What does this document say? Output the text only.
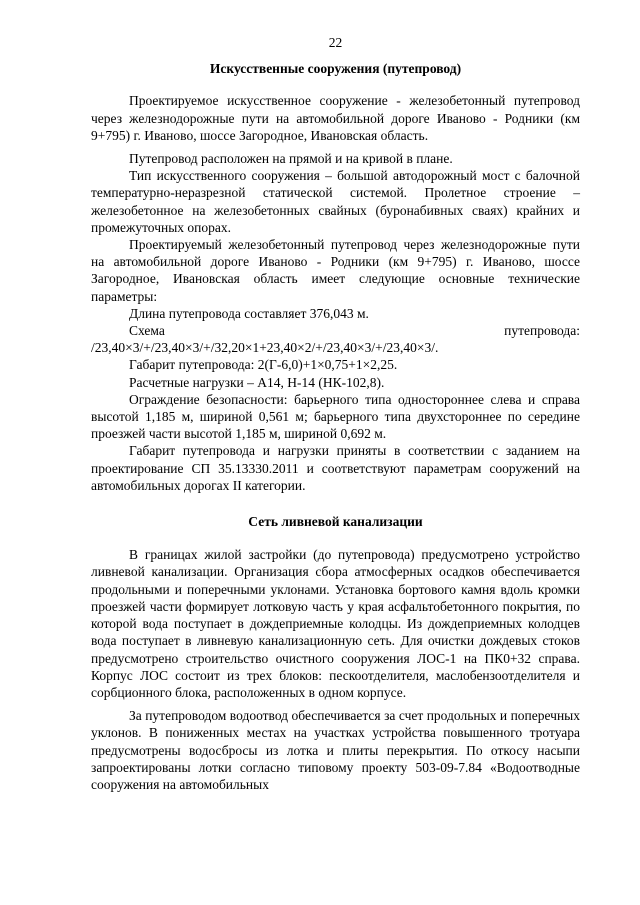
22
Искусственные сооружения (путепровод)

Проектируемое искусственное сооружение - железобетонный путепровод через железнодорожные пути на автомобильной дороге Иваново - Родники (км 9+795) г. Иваново, шоссе Загородное, Ивановская область.

Путепровод расположен на прямой и на кривой в плане.

Тип искусственного сооружения – большой автодорожный мост с балочной температурно-неразрезной статической системой. Пролетное строение – железобетонное на железобетонных свайных (буронабивных сваях) крайних и промежуточных опорах.

Проектируемый железобетонный путепровод через железнодорожные пути на автомобильной дороге Иваново - Родники (км 9+795) г. Иваново, шоссе Загородное, Ивановская область имеет следующие основные технические параметры:

Длина путепровода составляет 376,043 м.

Схема путепровода: /23,40×3/+/23,40×3/+/32,20×1+23,40×2/+/23,40×3/+/23,40×3/.

Габарит путепровода: 2(Г-6,0)+1×0,75+1×2,25.

Расчетные нагрузки – А14, Н-14 (НК-102,8).

Ограждение безопасности: барьерного типа одностороннее слева и справа высотой 1,185 м, шириной 0,561 м; барьерного типа двухстороннее по середине проезжей части высотой 1,185 м, шириной 0,692 м.

Габарит путепровода и нагрузки приняты в соответствии с заданием на проектирование СП 35.13330.2011 и соответствуют параметрам сооружений на автомобильных дорогах II категории.

Сеть ливневой канализации

В границах жилой застройки (до путепровода) предусмотрено устройство ливневой канализации. Организация сбора атмосферных осадков обеспечивается продольными и поперечными уклонами. Установка бортового камня вдоль кромки проезжей части формирует лотковую часть у края асфальтобетонного покрытия, по которой вода поступает в дождеприемные колодцы. Из дождеприемных колодцев вода поступает в ливневую канализационную сеть. Для очистки дождевых стоков предусмотрено строительство очистного сооружения ЛОС-1 на ПК0+32 справа. Корпус ЛОС состоит из трех блоков: пескоотделителя, маслобензоотделителя и сорбционного блока, расположенных в одном корпусе.

За путепроводом водоотвод обеспечивается за счет продольных и поперечных уклонов. В пониженных местах на участках устройства повышенного тротуара предусмотрены водосбросы из лотка и плиты перекрытия. По откосу насыпи запроектированы лотки согласно типовому проекту 503-09-7.84 «Водоотводные сооружения на автомобильных
